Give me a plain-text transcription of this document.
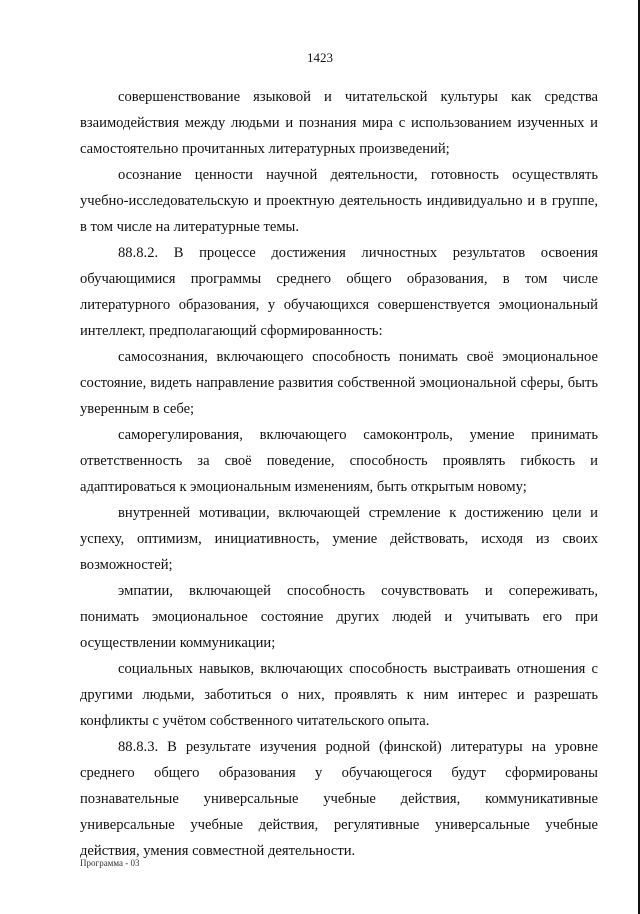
1423

совершенствование языковой и читательской культуры как средства взаимодействия между людьми и познания мира с использованием изученных и самостоятельно прочитанных литературных произведений;

осознание ценности научной деятельности, готовность осуществлять учебно-исследовательскую и проектную деятельность индивидуально и в группе, в том числе на литературные темы.

88.8.2. В процессе достижения личностных результатов освоения обучающимися программы среднего общего образования, в том числе литературного образования, у обучающихся совершенствуется эмоциональный интеллект, предполагающий сформированность:

самосознания, включающего способность понимать своё эмоциональное состояние, видеть направление развития собственной эмоциональной сферы, быть уверенным в себе;

саморегулирования, включающего самоконтроль, умение принимать ответственность за своё поведение, способность проявлять гибкость и адаптироваться к эмоциональным изменениям, быть открытым новому;

внутренней мотивации, включающей стремление к достижению цели и успеху, оптимизм, инициативность, умение действовать, исходя из своих возможностей;

эмпатии, включающей способность сочувствовать и сопереживать, понимать эмоциональное состояние других людей и учитывать его при осуществлении коммуникации;

социальных навыков, включающих способность выстраивать отношения с другими людьми, заботиться о них, проявлять к ним интерес и разрешать конфликты с учётом собственного читательского опыта.

88.8.3. В результате изучения родной (финской) литературы на уровне среднего общего образования у обучающегося будут сформированы познавательные универсальные учебные действия, коммуникативные универсальные учебные действия, регулятивные универсальные учебные действия, умения совместной деятельности.

Программа - 03
